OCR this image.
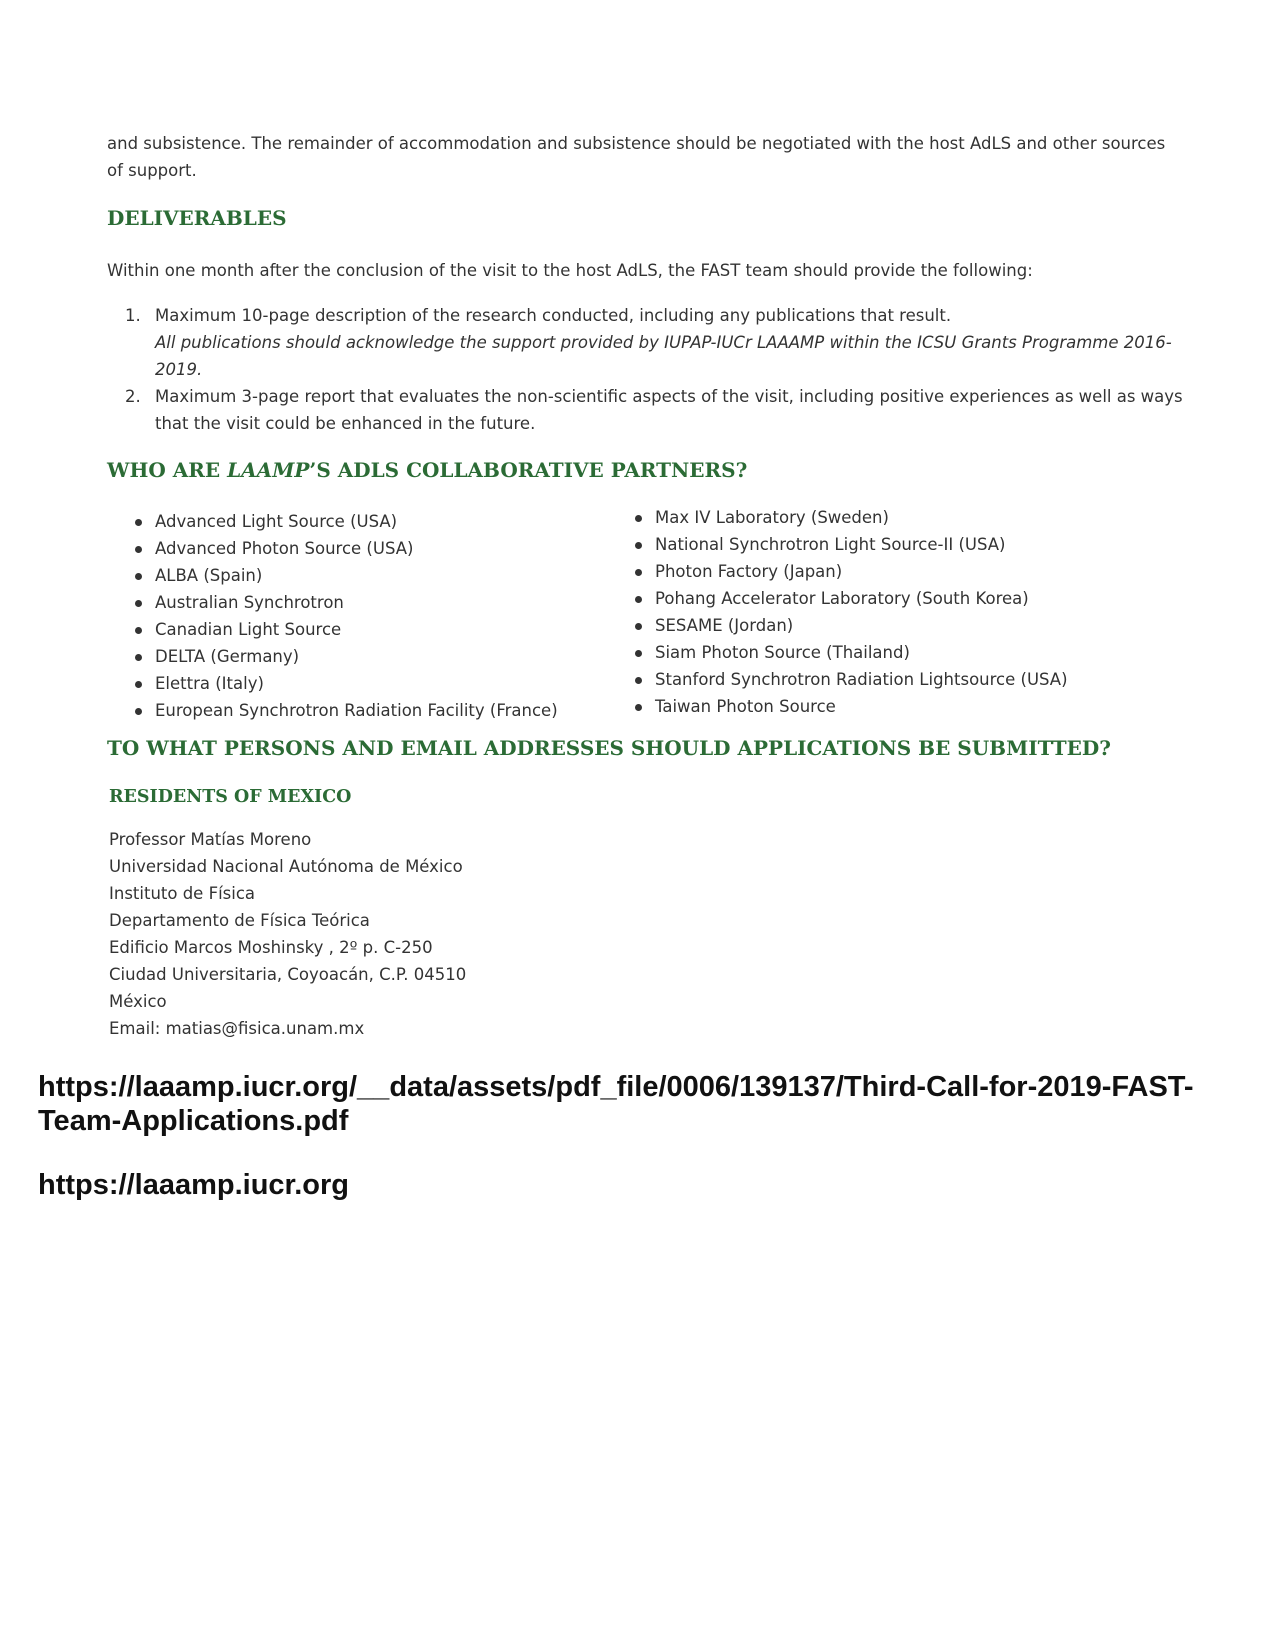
and subsistence. The remainder of accommodation and subsistence should be negotiated with the host AdLS and other sources of support.

DELIVERABLES

Within one month after the conclusion of the visit to the host AdLS, the FAST team should provide the following:

1. Maximum 10-page description of the research conducted, including any publications that result.
All publications should acknowledge the support provided by IUPAP-IUCr LAAAMP within the ICSU Grants Programme 2016-2019.
2. Maximum 3-page report that evaluates the non-scientific aspects of the visit, including positive experiences as well as ways that the visit could be enhanced in the future.
WHO ARE LAAMP’S ADLS COLLABORATIVE PARTNERS?
Advanced Light Source (USA)
Advanced Photon Source (USA)
ALBA (Spain)
Australian Synchrotron
Canadian Light Source
DELTA (Germany)
Elettra (Italy)
European Synchrotron Radiation Facility (France)
Max IV Laboratory (Sweden)
National Synchrotron Light Source-II (USA)
Photon Factory (Japan)
Pohang Accelerator Laboratory (South Korea)
SESAME (Jordan)
Siam Photon Source (Thailand)
Stanford Synchrotron Radiation Lightsource (USA)
Taiwan Photon Source
TO WHAT PERSONS AND EMAIL ADDRESSES SHOULD APPLICATIONS BE SUBMITTED?
RESIDENTS OF MEXICO
Professor Matías Moreno
Universidad Nacional Autónoma de México
Instituto de Física
Departamento de Física Teórica
Edificio Marcos Moshinsky , 2º p. C-250
Ciudad Universitaria, Coyoacán, C.P. 04510
México
Email: matias@fisica.unam.mx

https://laaamp.iucr.org/__data/assets/pdf_file/0006/139137/Third-Call-for-2019-FAST-Team-Applications.pdf

https://laaamp.iucr.org
